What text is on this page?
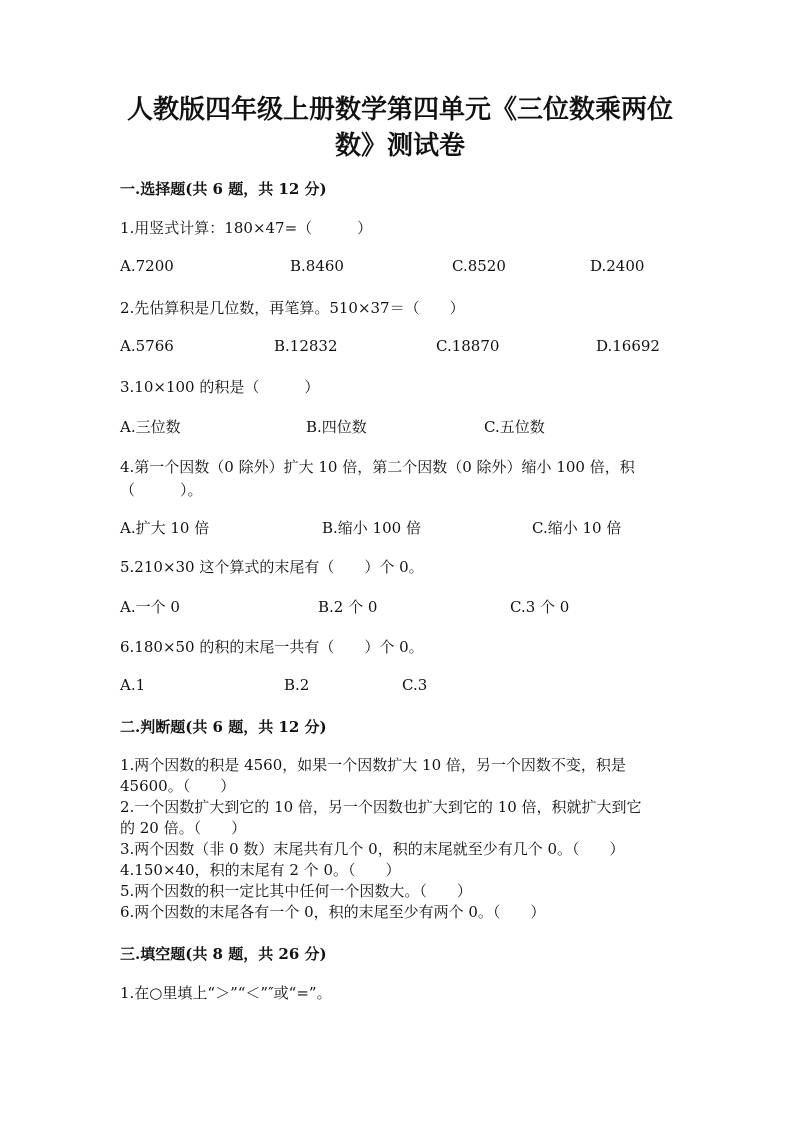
人教版四年级上册数学第四单元《三位数乘两位
数》测试卷
一.选择题(共 6 题，共 12 分)
1.用竖式计算：180×47=（　　　）
A.7200	B.8460	C.8520	D.2400
2.先估算积是几位数，再笔算。510×37＝（　　）
A.5766	B.12832	C.18870	D.16692
3.10×100 的积是（　　　）
A.三位数	B.四位数	C.五位数
4.第一个因数（0 除外）扩大 10 倍，第二个因数（0 除外）缩小 100 倍，积
（　　　）。
A.扩大 10 倍	B.缩小 100 倍	C.缩小 10 倍
5.210×30 这个算式的末尾有（　　）个 0。
A.一个 0	B.2 个 0	C.3 个 0
6.180×50 的积的末尾一共有（　　）个 0。
A.1	B.2	C.3
二.判断题(共 6 题，共 12 分)
1.两个因数的积是 4560，如果一个因数扩大 10 倍，另一个因数不变，积是
45600。（　　）
2.一个因数扩大到它的 10 倍，另一个因数也扩大到它的 10 倍，积就扩大到它
的 20 倍。（　　）
3.两个因数（非 0 数）末尾共有几个 0，积的末尾就至少有几个 0。（　　）
4.150×40，积的末尾有 2 个 0。（　　）
5.两个因数的积一定比其中任何一个因数大。（　　）
6.两个因数的末尾各有一个 0，积的末尾至少有两个 0。（　　）
三.填空题(共 8 题，共 26 分)
1.在○里填上“＞”“＜”″或“=”。
